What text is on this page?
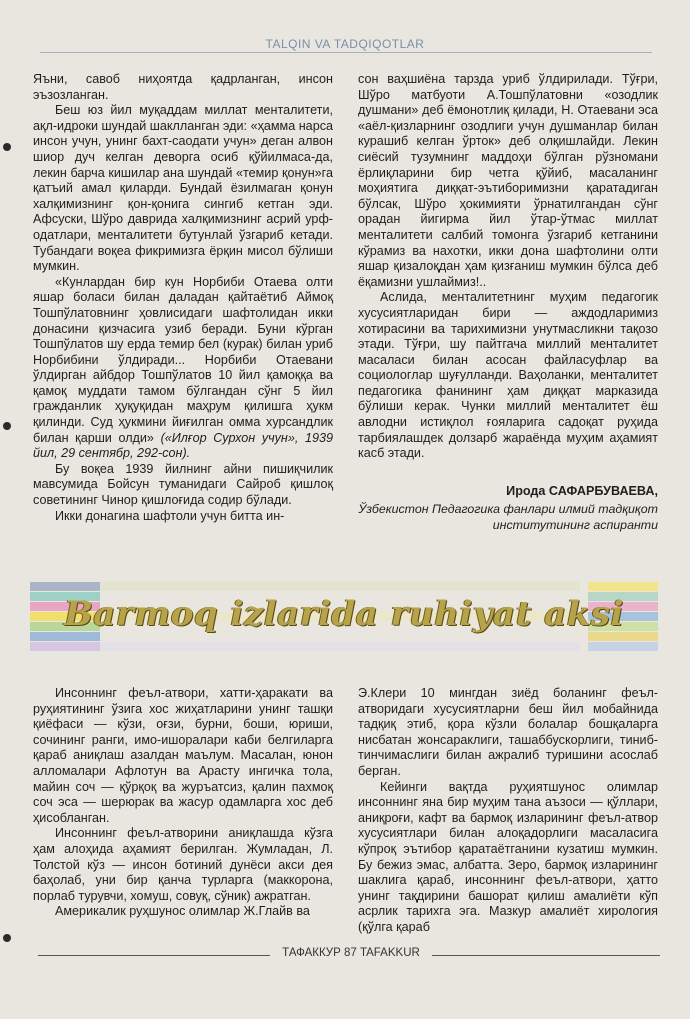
TALQIN VA TADQIQOTLAR

Яъни, савоб ниҳоятда қадрланган, инсон эъзозланган.

Беш юз йил муқаддам миллат менталитети, ақл-идроки шундай шаклланган эди: «ҳамма нарса инсон учун, унинг бахт-саодати учун» деган алвон шиор дуч келган деворга осиб қўйилмаса-да, лекин барча кишилар ана шундай «темир қонун»га қатъий амал қиларди. Бундай ёзилмаган қонун халқимизнинг қон-қонига сингиб кетган эди. Афсуски, Шўро даврида халқимизнинг асрий урф-одатлари, менталитети бутунлай ўзгариб кетади. Тубандаги воқеа фикримизга ёрқин мисол бўлиши мумкин.

«Кунлардан бир кун Норбиби Отаева олти яшар боласи билан даладан қайтаётиб Аймоқ Тошпўлатовнинг ҳовлисидаги шафтолидан икки донасини қизчасига узиб беради. Буни кўрган Тошпўлатов шу ерда темир бел (курак) билан уриб Норбибини ўлдиради... Норбиби Отаевани ўлдирган айбдор Тошпўлатов 10 йил қамоққа ва қамоқ муддати тамом бўлгандан сўнг 5 йил гражданлик ҳуқуқидан маҳрум қилишга ҳукм қилинди. Суд ҳукмини йиғилган омма хурсандлик билан қарши олди» («Илғор Сурхон учун», 1939 йил, 29 сентябр, 292-сон).

Бу воқеа 1939 йилнинг айни пишиқчилик мавсумида Бойсун туманидаги Сайроб қишлоқ советининг Чинор қишлоғида содир бўлади.

Икки донагина шафтоли учун битта ин-

сон ваҳшиёна тарзда уриб ўлдирилади. Тўғри, Шўро матбуоти А.Тошпўлатовни «озодлик душмани» деб ёмонотлиқ қилади, Н. Отаевани эса «аёл-қизларнинг озодлиги учун душманлар билан курашиб келган ўрток» деб олқишлайди. Лекин сиёсий тузумнинг маддоҳи бўлган рўзномани ёрлиқларини бир четга қўйиб, масаланинг моҳиятига диққат-эътиборимизни қаратадиган бўлсак, Шўро ҳокимияти ўрнатилгандан сўнг орадан йигирма йил ўтар-ўтмас миллат менталитети салбий томонга ўзгариб кетганини кўрамиз ва нахотки, икки дона шафтолини олти яшар қизалоқдан ҳам қизғаниш мумкин бўлса деб ёқамизни ушлаймиз!..

Аслида, менталитетнинг муҳим педагогик хусусиятларидан бири — аждодларимиз хотирасини ва тарихимизни унутмасликни тақозо этади. Тўғри, шу пайтгача миллий менталитет масаласи билан асосан файласуфлар ва социологлар шуғулланди. Ваҳоланки, менталитет педагогика фанининг ҳам диққат марказида бўлиши керак. Чунки миллий менталитет ёш авлодни истиқлол ғояларига садоқат руҳида тарбиялашдек долзарб жараёнда муҳим аҳамият касб этади.

Ирода САФАРБУВАЕВА,
Ўзбекистон Педагогика фанлари илмий тадқиқот институтининг аспиранти
Barmoq izlarida ruhiyat aksi

Инсоннинг феъл-атвори, хатти-ҳаракати ва руҳиятининг ўзига хос жиҳатларини унинг ташқи қиёфаси — кўзи, оғзи, бурни, боши, юриши, сочининг ранги, имо-ишоралари каби белгиларга қараб аниқлаш азалдан маълум. Масалан, юнон алломалари Афлотун ва Арасту ингичка тола, майин соч — қўрқоқ ва журъатсиз, қалин пахмоқ соч эса — шерюрак ва жасур одамларга хос деб ҳисобланган.

Инсоннинг феъл-атворини аниқлашда кўзга ҳам алоҳида аҳамият берилган. Жумладан, Л. Толстой кўз — инсон ботиний дунёси акси дея баҳолаб, уни бир қанча турларга (маккорона, порлаб турувчи, хомуш, совуқ, сўник) ажратган.

Америкалик руҳшунос олимлар Ж.Глайв ва

Э.Клери 10 мингдан зиёд боланинг феъл-атворидаги хусусиятларни беш йил мобайнида тадқиқ этиб, қора кўзли болалар бошқаларга нисбатан жонсараклиги, ташаббускорлиги, тиниб-тинчимаслиги билан ажралиб туришини асослаб берган.

Кейинги вақтда руҳиятшунос олимлар инсоннинг яна бир муҳим тана аъзоси — қўллари, аниқроғи, кафт ва бармоқ изларининг феъл-атвор хусусиятлари билан алоқадорлиги масаласига кўпроқ эътибор қаратаётганини кузатиш мумкин. Бу бежиз эмас, албатта. Зеро, бармоқ изларининг шаклига қараб, инсоннинг феъл-атвори, ҳатто унинг тақдирини башорат қилиш амалиёти кўп асрлик тарихга эга. Мазкур амалиёт хирология (қўлга қараб

ТАФАККУР 87 TAFAKKUR
